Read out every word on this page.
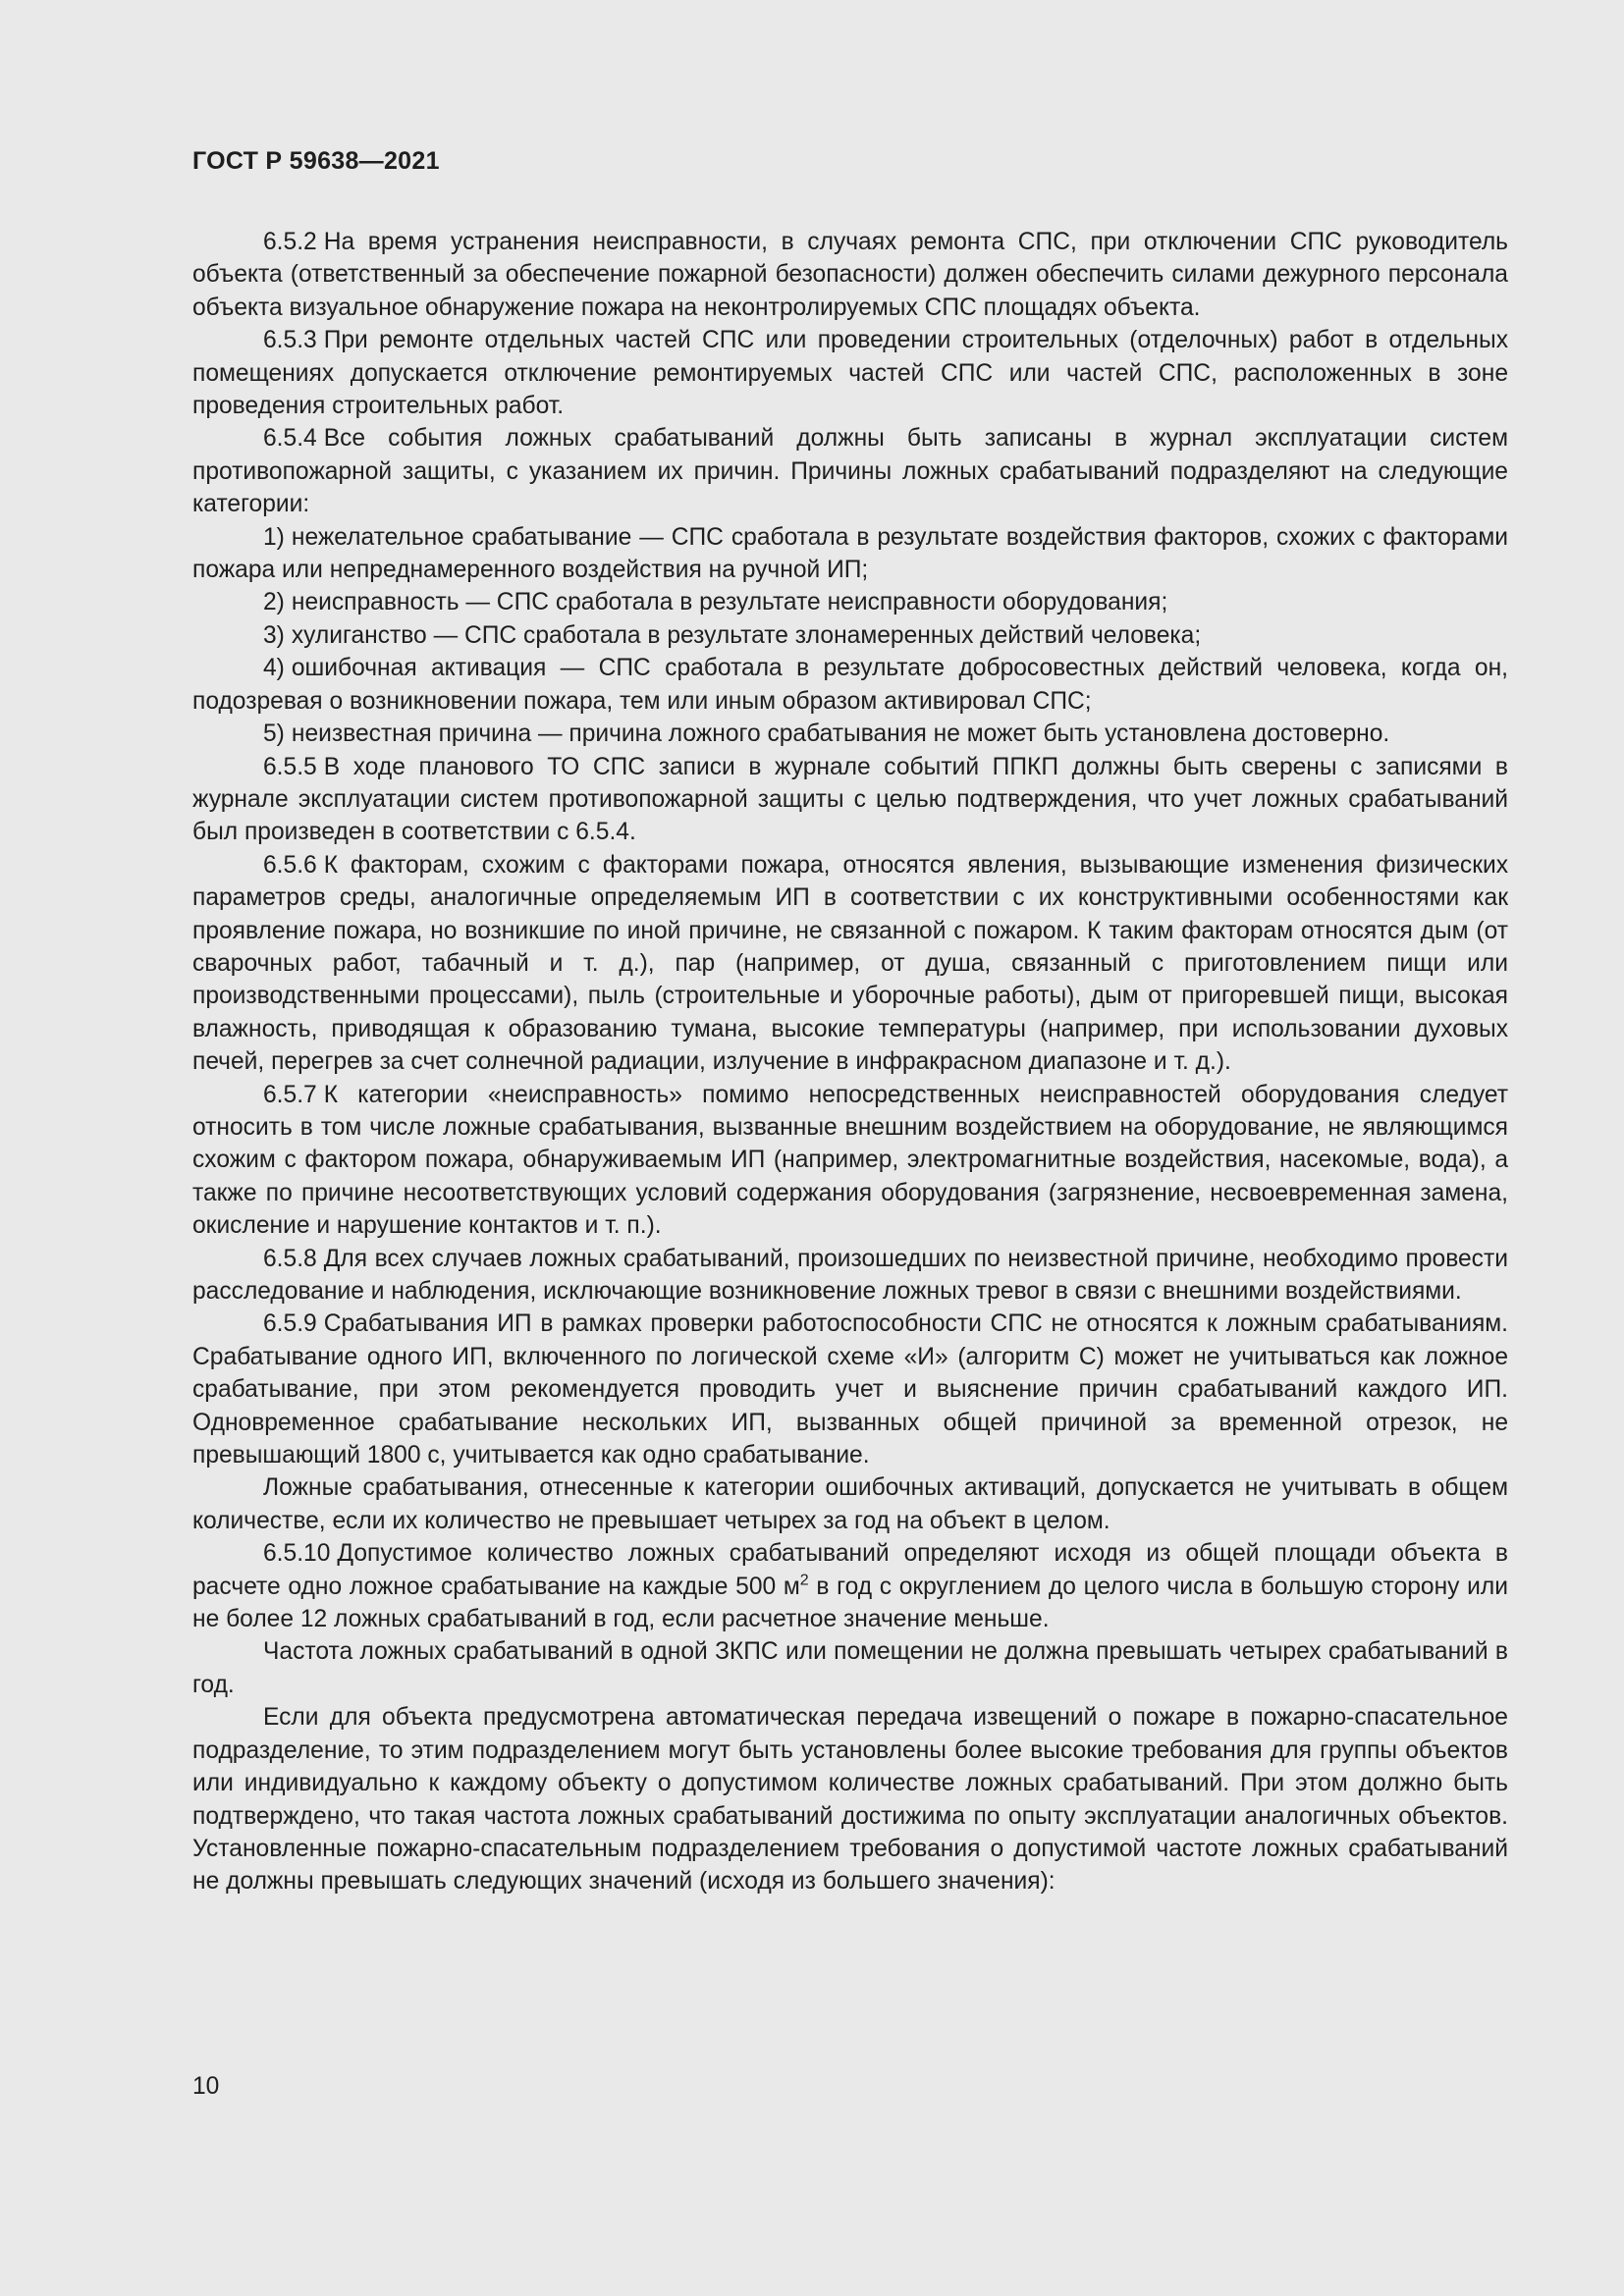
ГОСТ Р 59638—2021

6.5.2 На время устранения неисправности, в случаях ремонта СПС, при отключении СПС руководитель объекта (ответственный за обеспечение пожарной безопасности) должен обеспечить силами дежурного персонала объекта визуальное обнаружение пожара на неконтролируемых СПС площадях объекта.

6.5.3 При ремонте отдельных частей СПС или проведении строительных (отделочных) работ в отдельных помещениях допускается отключение ремонтируемых частей СПС или частей СПС, расположенных в зоне проведения строительных работ.

6.5.4 Все события ложных срабатываний должны быть записаны в журнал эксплуатации систем противопожарной защиты, с указанием их причин. Причины ложных срабатываний подразделяют на следующие категории:

1) нежелательное срабатывание — СПС сработала в результате воздействия факторов, схожих с факторами пожара или непреднамеренного воздействия на ручной ИП;

2) неисправность — СПС сработала в результате неисправности оборудования;

3) хулиганство — СПС сработала в результате злонамеренных действий человека;

4) ошибочная активация — СПС сработала в результате добросовестных действий человека, когда он, подозревая о возникновении пожара, тем или иным образом активировал СПС;

5) неизвестная причина — причина ложного срабатывания не может быть установлена достоверно.

6.5.5 В ходе планового ТО СПС записи в журнале событий ППКП должны быть сверены с записями в журнале эксплуатации систем противопожарной защиты с целью подтверждения, что учет ложных срабатываний был произведен в соответствии с 6.5.4.

6.5.6 К факторам, схожим с факторами пожара, относятся явления, вызывающие изменения физических параметров среды, аналогичные определяемым ИП в соответствии с их конструктивными особенностями как проявление пожара, но возникшие по иной причине, не связанной с пожаром. К таким факторам относятся дым (от сварочных работ, табачный и т. д.), пар (например, от душа, связанный с приготовлением пищи или производственными процессами), пыль (строительные и уборочные работы), дым от пригоревшей пищи, высокая влажность, приводящая к образованию тумана, высокие температуры (например, при использовании духовых печей, перегрев за счет солнечной радиации, излучение в инфракрасном диапазоне и т. д.).

6.5.7 К категории «неисправность» помимо непосредственных неисправностей оборудования следует относить в том числе ложные срабатывания, вызванные внешним воздействием на оборудование, не являющимся схожим с фактором пожара, обнаруживаемым ИП (например, электромагнитные воздействия, насекомые, вода), а также по причине несоответствующих условий содержания оборудования (загрязнение, несвоевременная замена, окисление и нарушение контактов и т. п.).

6.5.8 Для всех случаев ложных срабатываний, произошедших по неизвестной причине, необходимо провести расследование и наблюдения, исключающие возникновение ложных тревог в связи с внешними воздействиями.

6.5.9 Срабатывания ИП в рамках проверки работоспособности СПС не относятся к ложным срабатываниям. Срабатывание одного ИП, включенного по логической схеме «И» (алгоритм С) может не учитываться как ложное срабатывание, при этом рекомендуется проводить учет и выяснение причин срабатываний каждого ИП. Одновременное срабатывание нескольких ИП, вызванных общей причиной за временной отрезок, не превышающий 1800 с, учитывается как одно срабатывание.

Ложные срабатывания, отнесенные к категории ошибочных активаций, допускается не учитывать в общем количестве, если их количество не превышает четырех за год на объект в целом.

6.5.10 Допустимое количество ложных срабатываний определяют исходя из общей площади объекта в расчете одно ложное срабатывание на каждые 500 $м^2$ в год с округлением до целого числа в большую сторону или не более 12 ложных срабатываний в год, если расчетное значение меньше.

Частота ложных срабатываний в одной ЗКПС или помещении не должна превышать четырех срабатываний в год.

Если для объекта предусмотрена автоматическая передача извещений о пожаре в пожарно-спасательное подразделение, то этим подразделением могут быть установлены более высокие требования для группы объектов или индивидуально к каждому объекту о допустимом количестве ложных срабатываний. При этом должно быть подтверждено, что такая частота ложных срабатываний достижима по опыту эксплуатации аналогичных объектов. Установленные пожарно-спасательным подразделением требования о допустимой частоте ложных срабатываний не должны превышать следующих значений (исходя из большего значения):

10
